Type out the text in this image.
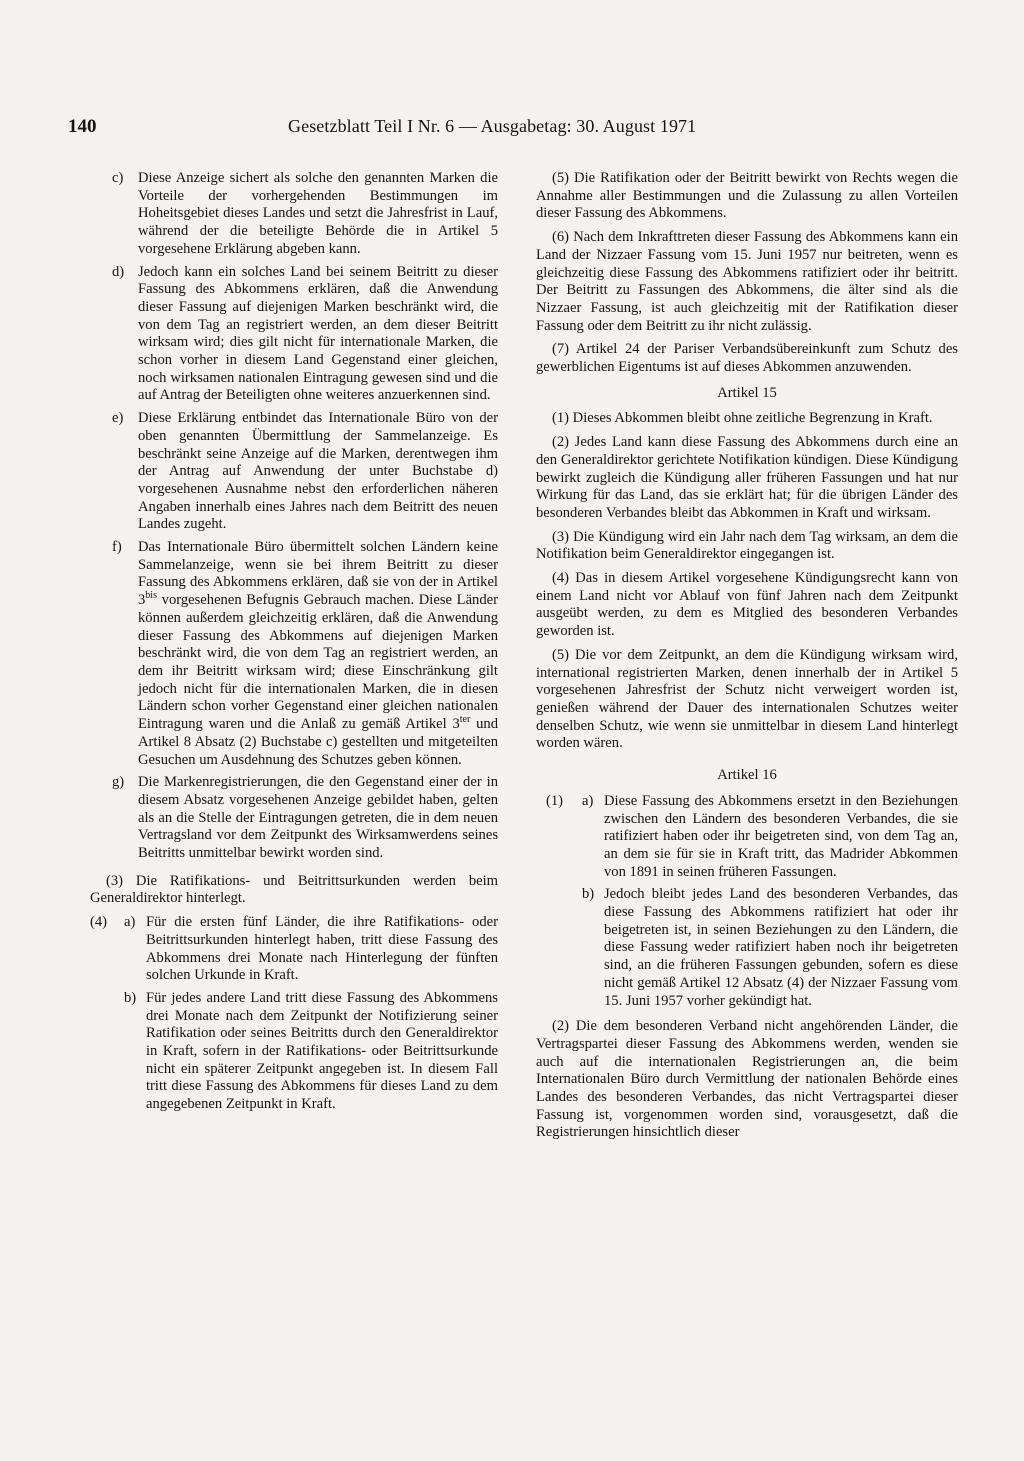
140	Gesetzblatt Teil I Nr. 6 — Ausgabetag: 30. August 1971
c)	Diese Anzeige sichert als solche den genannten Marken die Vorteile der vorhergehenden Bestimmungen im Hoheitsgebiet dieses Landes und setzt die Jahresfrist in Lauf, während der die beteiligte Behörde die in Artikel 5 vorgesehene Erklärung abgeben kann.
d) Jedoch kann ein solches Land bei seinem Beitritt zu dieser Fassung des Abkommens erklären, daß die Anwendung dieser Fassung auf diejenigen Marken beschränkt wird, die von dem Tag an registriert werden, an dem dieser Beitritt wirksam wird; dies gilt nicht für internationale Marken, die schon vorher in diesem Land Gegenstand einer gleichen, noch wirksamen nationalen Eintragung gewesen sind und die auf Antrag der Beteiligten ohne weiteres anzuerkennen sind.
e)	Diese Erklärung entbindet das Internationale Büro von der oben genannten Übermittlung der Sammelanzeige. Es beschränkt seine Anzeige auf die Marken, derentwegen ihm der Antrag auf Anwendung der unter Buchstabe d) vorgesehenen Ausnahme nebst den erforderlichen näheren Angaben innerhalb eines Jahres nach dem Beitritt des neuen Landes zugeht.
f)	Das Internationale Büro übermittelt solchen Ländern keine Sammelanzeige, wenn sie bei ihrem Beitritt zu dieser Fassung des Abkommens erklären, daß sie von der in Artikel $3^{bis}$ vorgesehenen Befugnis Gebrauch machen. Diese Länder können außerdem gleichzeitig erklären, daß die Anwendung dieser Fassung des Abkommens auf diejenigen Marken beschränkt wird, die von dem Tag an registriert werden, an dem ihr Beitritt wirksam wird; diese Einschränkung gilt jedoch nicht für die internationalen Marken, die in diesen Ländern schon vorher Gegenstand einer gleichen nationalen Eintragung waren und die Anlaß zu gemäß Artikel $3^{ter}$ und Artikel 8 Absatz (2) Buchstabe c) gestellten und mitgeteilten Gesuchen um Ausdehnung des Schutzes geben können.
g) Die Markenregistrierungen, die den Gegenstand einer der in diesem Absatz vorgesehenen Anzeige gebildet haben, gelten als an die Stelle der Eintragungen getreten, die in dem neuen Vertragsland vor dem Zeitpunkt des Wirksamwerdens seines Beitritts unmittelbar bewirkt worden sind.

(3) Die Ratifikations- und Beitrittsurkunden werden beim Generaldirektor hinterlegt.

(4)	a) Für die ersten fünf Länder, die ihre Ratifikations- oder Beitrittsurkunden hinterlegt haben, tritt diese Fassung des Abkommens drei Monate nach Hinterlegung der fünften solchen Urkunde in Kraft.
b) Für jedes andere Land tritt diese Fassung des Abkommens drei Monate nach dem Zeitpunkt der Notifizierung seiner Ratifikation oder seines Beitritts durch den Generaldirektor in Kraft, sofern in der Ratifikations- oder Beitrittsurkunde nicht ein späterer Zeitpunkt angegeben ist. In diesem Fall tritt diese Fassung des Abkommens für dieses Land zu dem angegebenen Zeitpunkt in Kraft.

(5) Die Ratifikation oder der Beitritt bewirkt von Rechts wegen die Annahme aller Bestimmungen und die Zulassung zu allen Vorteilen dieser Fassung des Abkommens.

(6) Nach dem Inkrafttreten dieser Fassung des Abkommens kann ein Land der Nizzaer Fassung vom 15. Juni 1957 nur beitreten, wenn es gleichzeitig diese Fassung des Abkommens ratifiziert oder ihr beitritt. Der Beitritt zu Fassungen des Abkommens, die älter sind als die Nizzaer Fassung, ist auch gleichzeitig mit der Ratifikation dieser Fassung oder dem Beitritt zu ihr nicht zulässig.

(7) Artikel 24 der Pariser Verbandsübereinkunft zum Schutz des gewerblichen Eigentums ist auf dieses Abkommen anzuwenden.

Artikel 15

(1) Dieses Abkommen bleibt ohne zeitliche Begrenzung in Kraft.

(2) Jedes Land kann diese Fassung des Abkommens durch eine an den Generaldirektor gerichtete Notifikation kündigen. Diese Kündigung bewirkt zugleich die Kündigung aller früheren Fassungen und hat nur Wirkung für das Land, das sie erklärt hat; für die übrigen Länder des besonderen Verbandes bleibt das Abkommen in Kraft und wirksam.

(3) Die Kündigung wird ein Jahr nach dem Tag wirksam, an dem die Notifikation beim Generaldirektor eingegangen ist.

(4) Das in diesem Artikel vorgesehene Kündigungsrecht kann von einem Land nicht vor Ablauf von fünf Jahren nach dem Zeitpunkt ausgeübt werden, zu dem es Mitglied des besonderen Verbandes geworden ist.

(5) Die vor dem Zeitpunkt, an dem die Kündigung wirksam wird, international registrierten Marken, denen innerhalb der in Artikel 5 vorgesehenen Jahresfrist der Schutz nicht verweigert worden ist, genießen während der Dauer des internationalen Schutzes weiter denselben Schutz, wie wenn sie unmittelbar in diesem Land hinterlegt worden wären.

Artikel 16
(1)	a) Diese Fassung des Abkommens ersetzt in den Beziehungen zwischen den Ländern des besonderen Verbandes, die sie ratifiziert haben oder ihr beigetreten sind, von dem Tag an, an dem sie für sie in Kraft tritt, das Madrider Abkommen von 1891 in seinen früheren Fassungen.
b) Jedoch bleibt jedes Land des besonderen Verbandes, das diese Fassung des Abkommens ratifiziert hat oder ihr beigetreten ist, in seinen Beziehungen zu den Ländern, die diese Fassung weder ratifiziert haben noch ihr beigetreten sind, an die früheren Fassungen gebunden, sofern es diese nicht gemäß Artikel 12 Absatz (4) der Nizzaer Fassung vom 15. Juni 1957 vorher gekündigt hat.

(2) Die dem besonderen Verband nicht angehörenden Länder, die Vertragspartei dieser Fassung des Abkommens werden, wenden sie auch auf die internationalen Registrierungen an, die beim Internationalen Büro durch Vermittlung der nationalen Behörde eines Landes des besonderen Verbandes, das nicht Vertragspartei dieser Fassung ist, vorgenommen worden sind, vorausgesetzt, daß die Registrierungen hinsichtlich dieser
